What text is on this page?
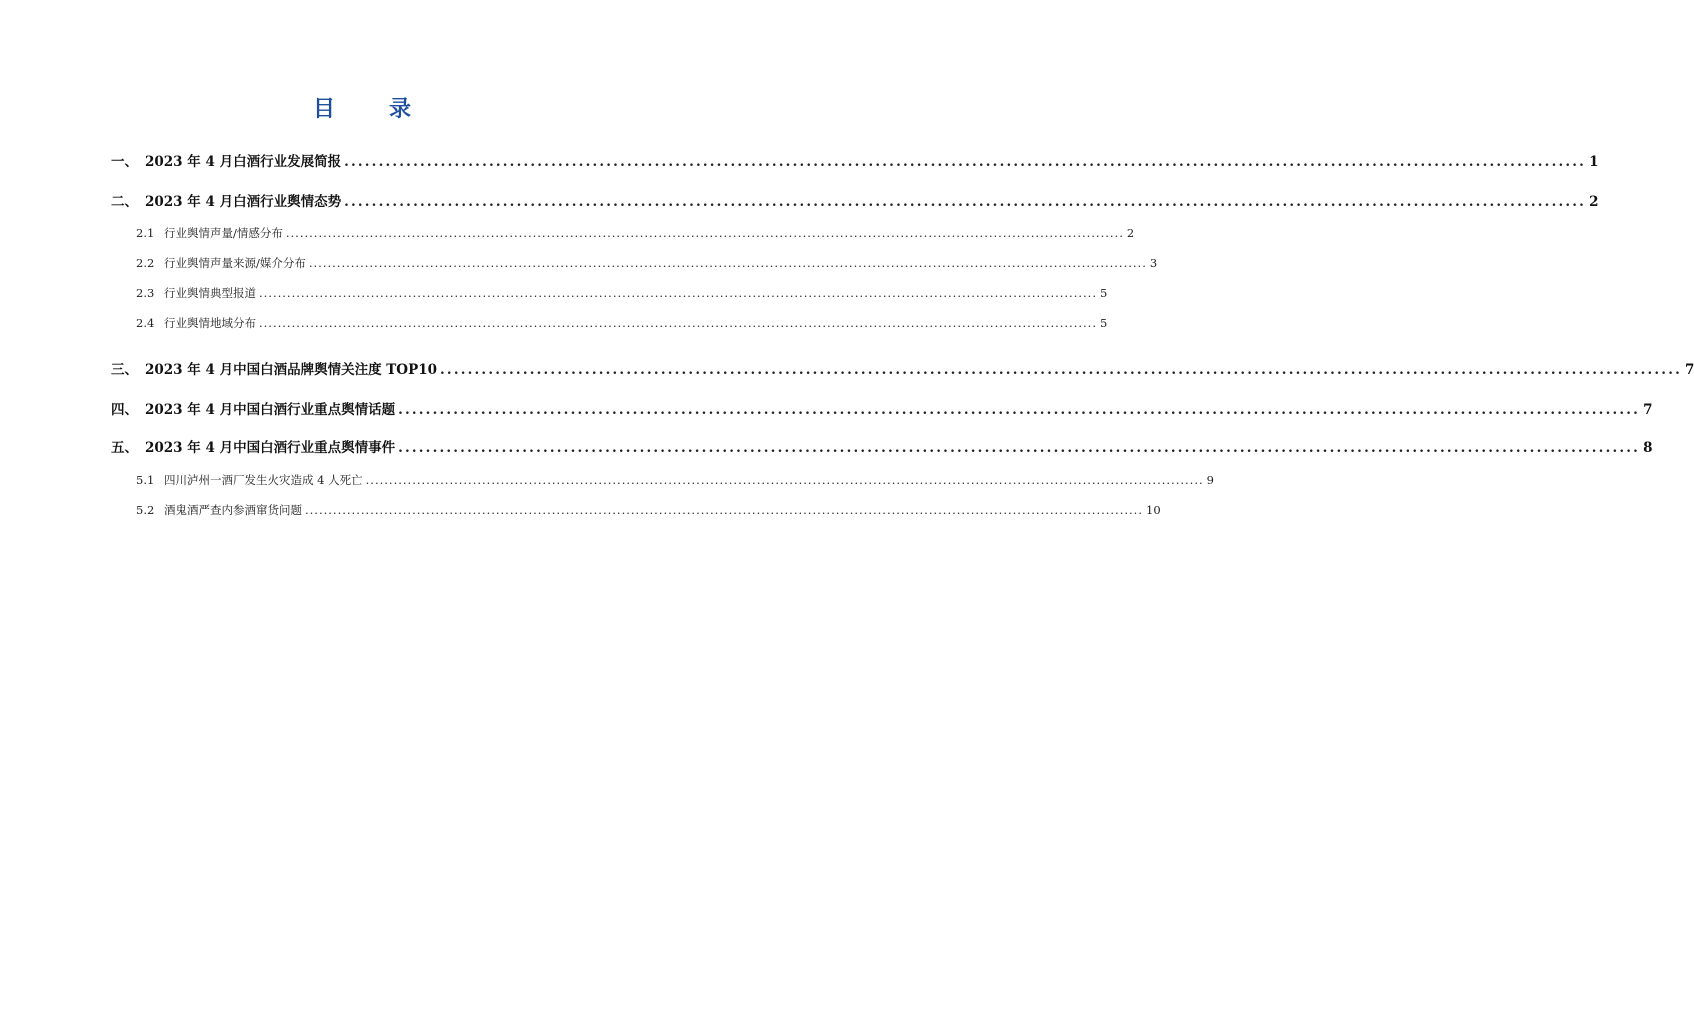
目　录
一、 2023 年 4 月白酒行业发展简报 .................................................................................................................................................................................... 1
二、 2023 年 4 月白酒行业舆情态势 .................................................................................................................................................................................... 2
2.1 行业舆情声量/情感分布 .................................................................................................................................................................................... 2
2.2 行业舆情声量来源/媒介分布 .................................................................................................................................................................................... 3
2.3 行业舆情典型报道 .................................................................................................................................................................................... 5
2.4 行业舆情地域分布 .................................................................................................................................................................................... 5
三、 2023 年 4 月中国白酒品牌舆情关注度 TOP10 .................................................................................................................................................................................... 7
四、 2023 年 4 月中国白酒行业重点舆情话题 .................................................................................................................................................................................... 7
五、 2023 年 4 月中国白酒行业重点舆情事件 .................................................................................................................................................................................... 8
5.1 四川泸州一酒厂发生火灾造成 4 人死亡 .................................................................................................................................................................................... 9
5.2 酒鬼酒严查内参酒窜货问题 .................................................................................................................................................................................... 10
